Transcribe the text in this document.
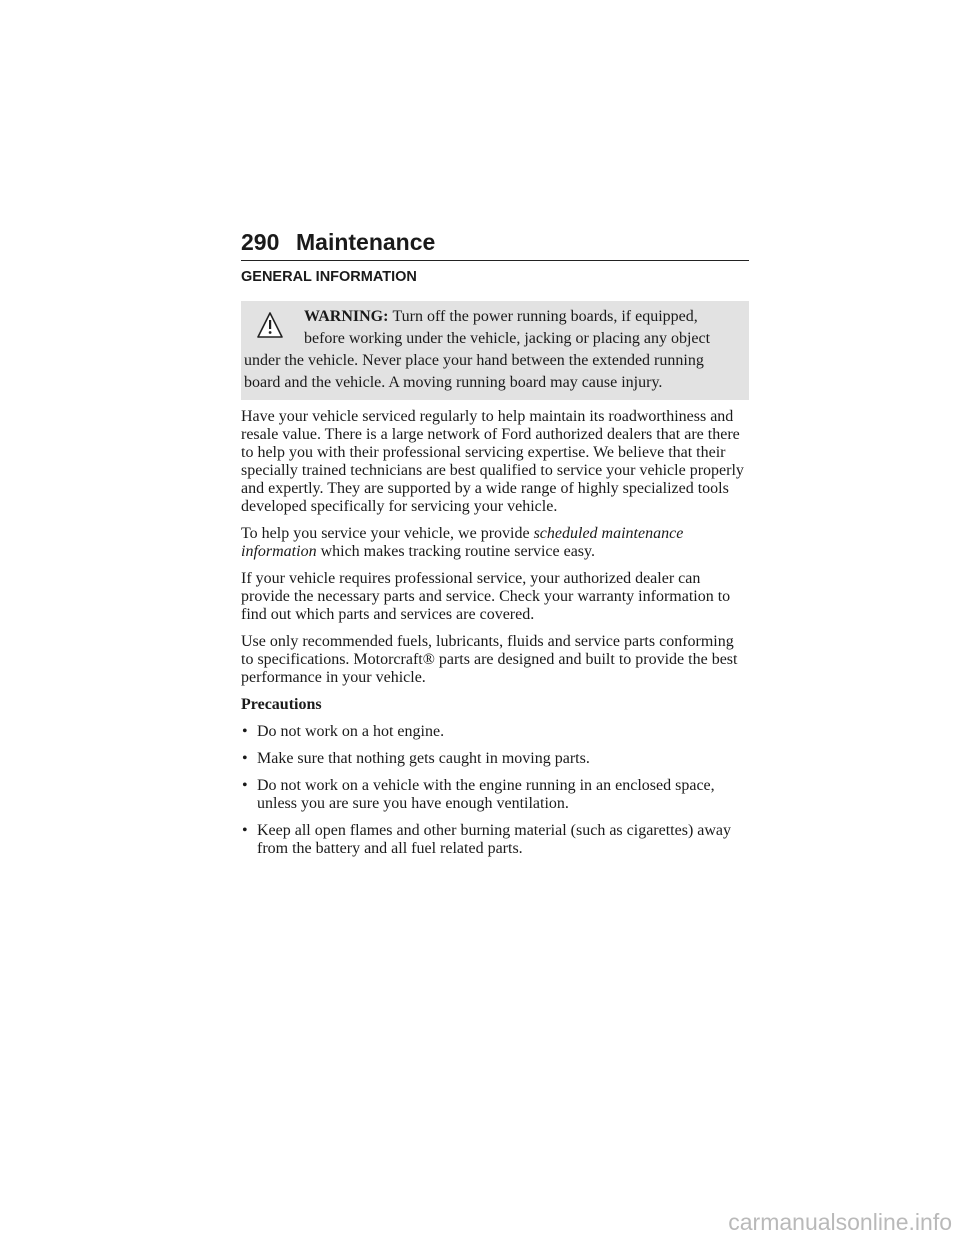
290 Maintenance
GENERAL INFORMATION
WARNING: Turn off the power running boards, if equipped, before working under the vehicle, jacking or placing any object under the vehicle. Never place your hand between the extended running board and the vehicle. A moving running board may cause injury.

Have your vehicle serviced regularly to help maintain its roadworthiness and resale value. There is a large network of Ford authorized dealers that are there to help you with their professional servicing expertise. We believe that their specially trained technicians are best qualified to service your vehicle properly and expertly. They are supported by a wide range of highly specialized tools developed specifically for servicing your vehicle.

To help you service your vehicle, we provide scheduled maintenance information which makes tracking routine service easy.

If your vehicle requires professional service, your authorized dealer can provide the necessary parts and service. Check your warranty information to find out which parts and services are covered.

Use only recommended fuels, lubricants, fluids and service parts conforming to specifications. Motorcraft® parts are designed and built to provide the best performance in your vehicle.

Precautions
• Do not work on a hot engine.
• Make sure that nothing gets caught in moving parts.
• Do not work on a vehicle with the engine running in an enclosed space, unless you are sure you have enough ventilation.
• Keep all open flames and other burning material (such as cigarettes) away from the battery and all fuel related parts.
carmanualsonline.info
